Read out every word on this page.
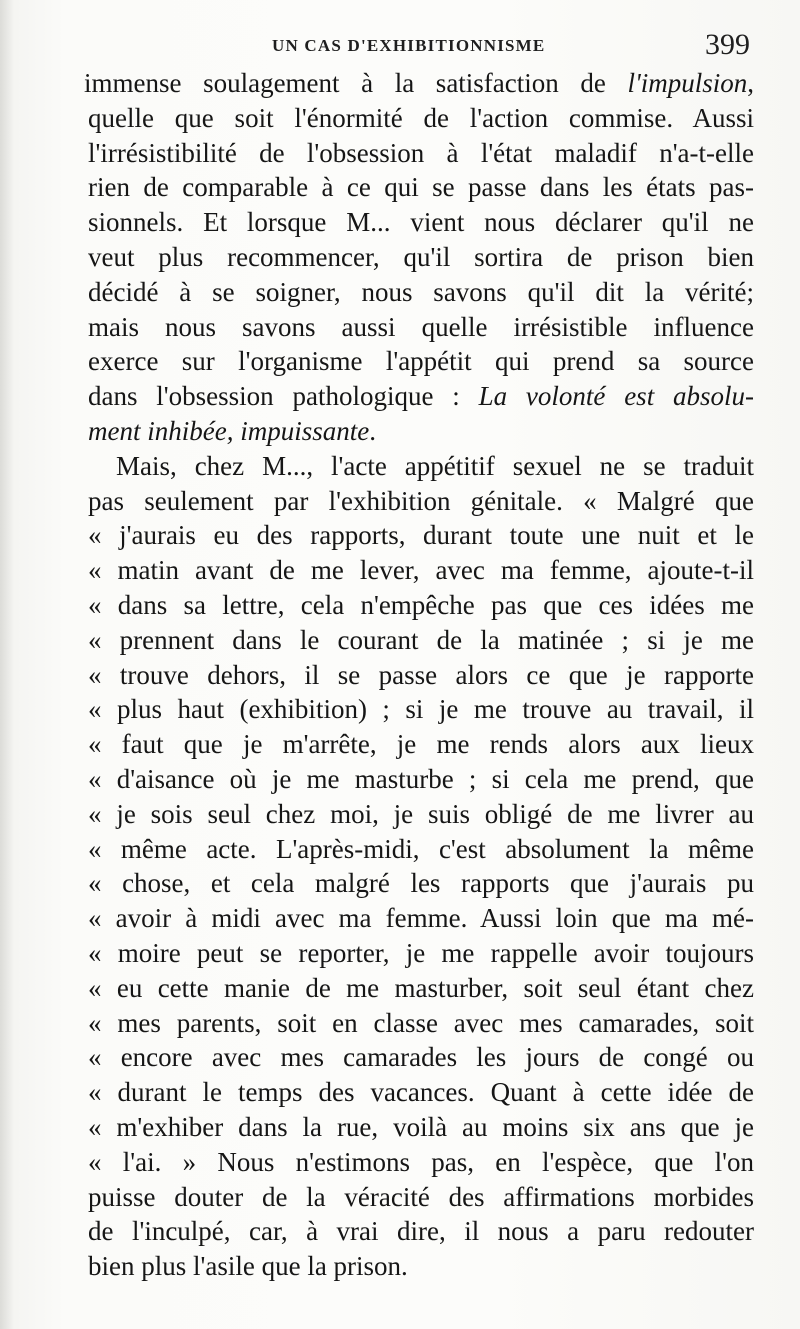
UN CAS D'EXHIBITIONNISME	399
immense soulagement à la satisfaction de l'impulsion,
quelle que soit l'énormité de l'action commise. Aussi
l'irrésistibilité de l'obsession à l'état maladif n'a-t-elle
rien de comparable à ce qui se passe dans les états pas-
sionnels. Et lorsque M... vient nous déclarer qu'il ne
veut plus recommencer, qu'il sortira de prison bien
décidé à se soigner, nous savons qu'il dit la vérité;
mais nous savons aussi quelle irrésistible influence
exerce sur l'organisme l'appétit qui prend sa source
dans l'obsession pathologique : La volonté est absolu-
ment inhibée, impuissante.
Mais, chez M..., l'acte appétitif sexuel ne se traduit
pas seulement par l'exhibition génitale. « Malgré que
« j'aurais eu des rapports, durant toute une nuit et le
« matin avant de me lever, avec ma femme, ajoute-t-il
« dans sa lettre, cela n'empêche pas que ces idées me
« prennent dans le courant de la matinée ; si je me
« trouve dehors, il se passe alors ce que je rapporte
« plus haut (exhibition) ; si je me trouve au travail, il
« faut que je m'arrête, je me rends alors aux lieux
« d'aisance où je me masturbe ; si cela me prend, que
« je sois seul chez moi, je suis obligé de me livrer au
« même acte. L'après-midi, c'est absolument la même
« chose, et cela malgré les rapports que j'aurais pu
« avoir à midi avec ma femme. Aussi loin que ma mé-
« moire peut se reporter, je me rappelle avoir toujours
« eu cette manie de me masturber, soit seul étant chez
« mes parents, soit en classe avec mes camarades, soit
« encore avec mes camarades les jours de congé ou
« durant le temps des vacances. Quant à cette idée de
« m'exhiber dans la rue, voilà au moins six ans que je
« l'ai. » Nous n'estimons pas, en l'espèce, que l'on
puisse douter de la véracité des affirmations morbides
de l'inculpé, car, à vrai dire, il nous a paru redouter
bien plus l'asile que la prison.
